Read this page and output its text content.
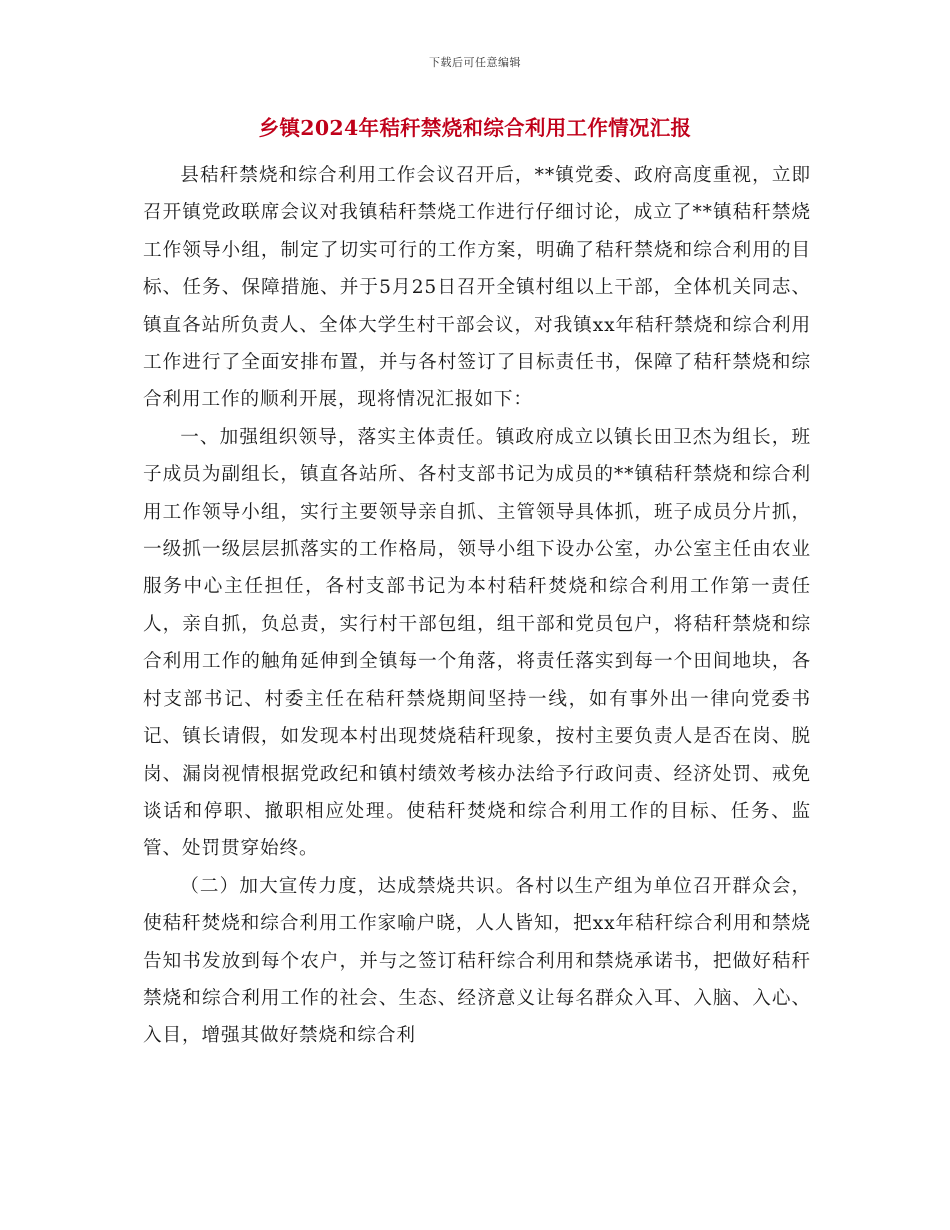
下载后可任意编辑
乡镇2024年秸秆禁烧和综合利用工作情况汇报

县秸秆禁烧和综合利用工作会议召开后，**镇党委、政府高度重视，立即召开镇党政联席会议对我镇秸秆禁烧工作进行仔细讨论，成立了**镇秸秆禁烧工作领导小组，制定了切实可行的工作方案，明确了秸秆禁烧和综合利用的目标、任务、保障措施、并于5月25日召开全镇村组以上干部，全体机关同志、镇直各站所负责人、全体大学生村干部会议，对我镇xx年秸秆禁烧和综合利用工作进行了全面安排布置，并与各村签订了目标责任书，保障了秸秆禁烧和综合利用工作的顺利开展，现将情况汇报如下：

一、加强组织领导，落实主体责任。镇政府成立以镇长田卫杰为组长，班子成员为副组长，镇直各站所、各村支部书记为成员的**镇秸秆禁烧和综合利用工作领导小组，实行主要领导亲自抓、主管领导具体抓，班子成员分片抓，一级抓一级层层抓落实的工作格局，领导小组下设办公室，办公室主任由农业服务中心主任担任，各村支部书记为本村秸秆焚烧和综合利用工作第一责任人，亲自抓，负总责，实行村干部包组，组干部和党员包户，将秸秆禁烧和综合利用工作的触角延伸到全镇每一个角落，将责任落实到每一个田间地块，各村支部书记、村委主任在秸秆禁烧期间坚持一线，如有事外出一律向党委书记、镇长请假，如发现本村出现焚烧秸秆现象，按村主要负责人是否在岗、脱岗、漏岗视情根据党政纪和镇村绩效考核办法给予行政问责、经济处罚、戒免谈话和停职、撤职相应处理。使秸秆焚烧和综合利用工作的目标、任务、监管、处罚贯穿始终。

（二）加大宣传力度，达成禁烧共识。各村以生产组为单位召开群众会，使秸秆焚烧和综合利用工作家喻户晓，人人皆知，把xx年秸秆综合利用和禁烧告知书发放到每个农户，并与之签订秸秆综合利用和禁烧承诺书，把做好秸秆禁烧和综合利用工作的社会、生态、经济意义让每名群众入耳、入脑、入心、入目，增强其做好禁烧和综合利
